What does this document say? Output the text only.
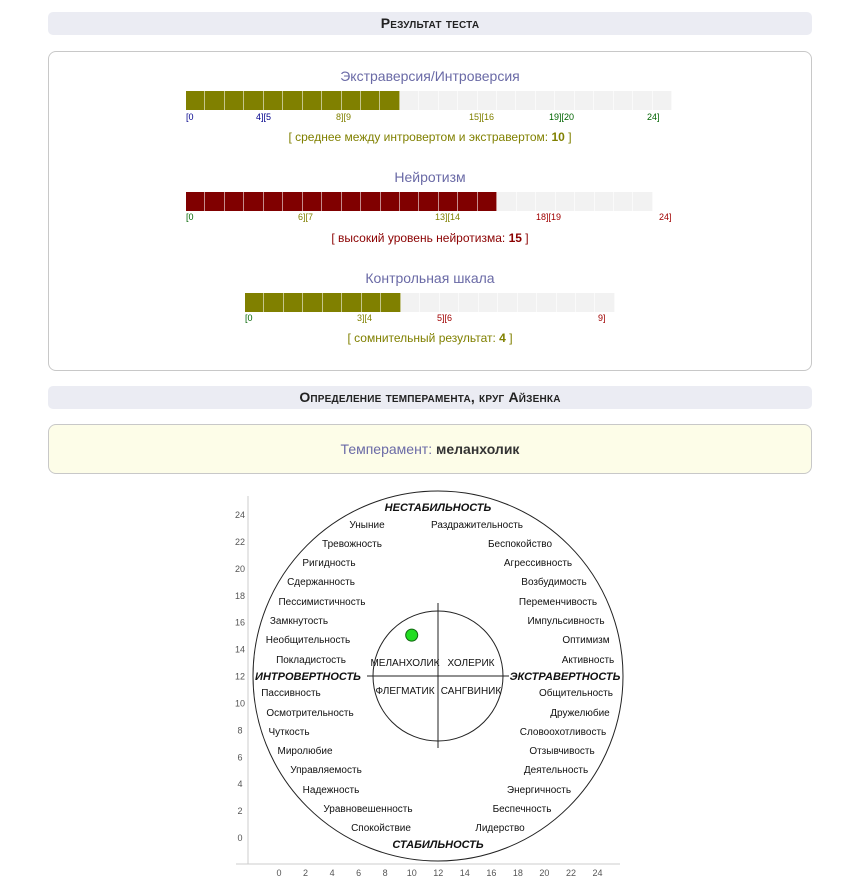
Результат теста
Экстраверсия/Интроверсия
[0	4][5	8][9	15][16	19][20	24]
[ среднее между интровертом и экстравертом: 10 ]
Нейротизм
[0	6][7	13][14	18][19	24]
[ высокий уровень нейротизма: 15 ]
Контрольная шкала
[0	3][4	5][6	9]
[ сомнительный результат: 4 ]
Определение темперамента, круг Айзенка
Темперамент: меланхолик
24
22
20
18
16
14
12
10
8
6
4
2
0
0 2 4 6 8 10 12 14 16 18 20 22 24
НЕСТАБИЛЬНОСТЬ
СТАБИЛЬНОСТЬ
ИНТРОВЕРТНОСТЬ	ЭКСТРАВЕРТНОСТЬ
МЕЛАНХОЛИК ХОЛЕРИК
ФЛЕГМАТИК САНГВИНИК
Уныние
Тревожность
Ригидность
Сдержанность
Пессимистичность
Замкнутость
Необщительность
Покладистость
Пассивность
Осмотрительность
Чуткость
Миролюбие
Управляемость
Надежность
Уравновешенность
Спокойствие
Раздражительность
Беспокойство
Агрессивность
Возбудимость
Переменчивость
Импульсивность
Оптимизм
Активность
Общительность
Дружелюбие
Словоохотливость
Отзывчивость
Деятельность
Энергичность
Беспечность
Лидерство
